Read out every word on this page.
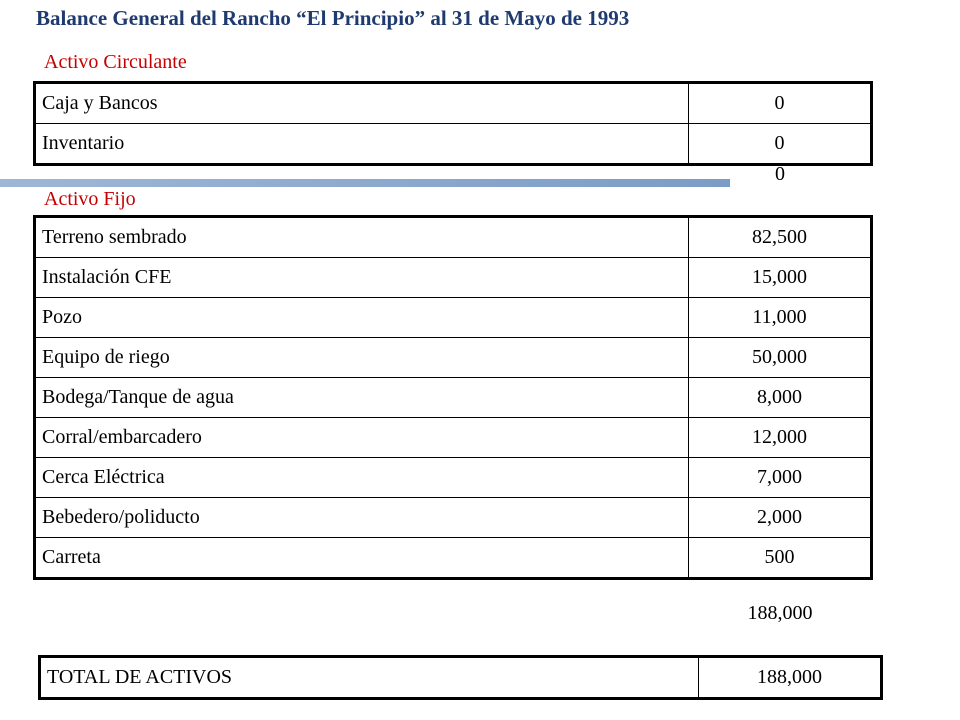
Balance General del Rancho “El Principio” al 31 de Mayo de 1993
Activo Circulante
Caja y Bancos	0
Inventario	0
0
Activo Fijo
Terreno sembrado	82,500
Instalación CFE	15,000
Pozo	11,000
Equipo de riego	50,000
Bodega/Tanque de agua	8,000
Corral/embarcadero	12,000
Cerca Eléctrica	7,000
Bebedero/poliducto	2,000
Carreta	500
188,000
TOTAL DE ACTIVOS	188,000
